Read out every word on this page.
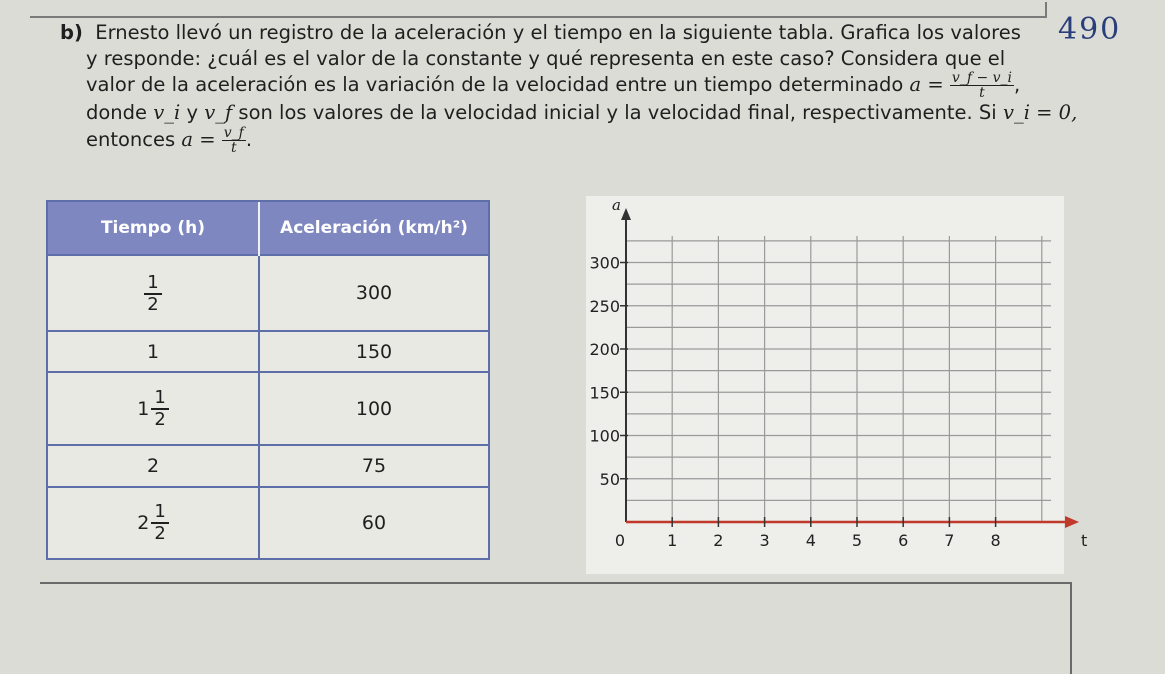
490

b) Ernesto llevó un registro de la aceleración y el tiempo en la siguiente tabla. Grafica los valores

y responde: ¿cuál es el valor de la constante y qué representa en este caso? Considera que el

valor de la aceleración es la variación de la velocidad entre un tiempo determinado $a = \frac{v\_f - v\_i}{t}$ ,

donde v_i y v_f son los valores de la velocidad inicial y la velocidad final, respectivamente. Si v_i = 0,

entonces $a = \frac{v\_f}{t}$ .

Tiempo (h)	Aceleración (km/h²)

$\frac{1}{2}$	300
1	150

$1 \frac{1}{2}$	100
2	75

$2 \frac{1}{2}$	60
a
t
50
100
150
200
250
300
0	1 2 3 4 5 6 7 8
